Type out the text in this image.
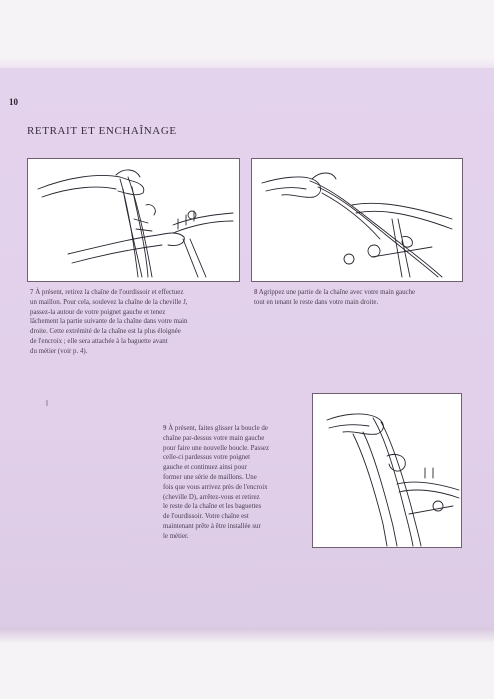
10
RETRAIT ET ENCHAÎNAGE

7 À présent, retirez la chaîne de l'ourdissoir et effectuez
un maillon. Pour cela, soulevez la chaîne de la cheville J,
passez-la autour de votre poignet gauche et tenez
lâchement la partie suivante de la chaîne dans votre main
droite. Cette extrémité de la chaîne est la plus éloignée
de l'encroix ; elle sera attachée à la baguette avant
du métier (voir p. 4).

8 Agrippez une partie de la chaîne avec votre main gauche
tout en tenant le reste dans votre main droite.

9 À présent, faites glisser la boucle de
chaîne par-dessus votre main gauche
pour faire une nouvelle boucle. Passez
celle-ci pardessus votre poignet
gauche et continuez ainsi pour
former une série de maillons. Une
fois que vous arrivez près de l'encroix
(cheville D), arrêtez-vous et retirez
le reste de la chaîne et les baguettes
de l'ourdissoir. Votre chaîne est
maintenant prête à être installée sur
le métier.
